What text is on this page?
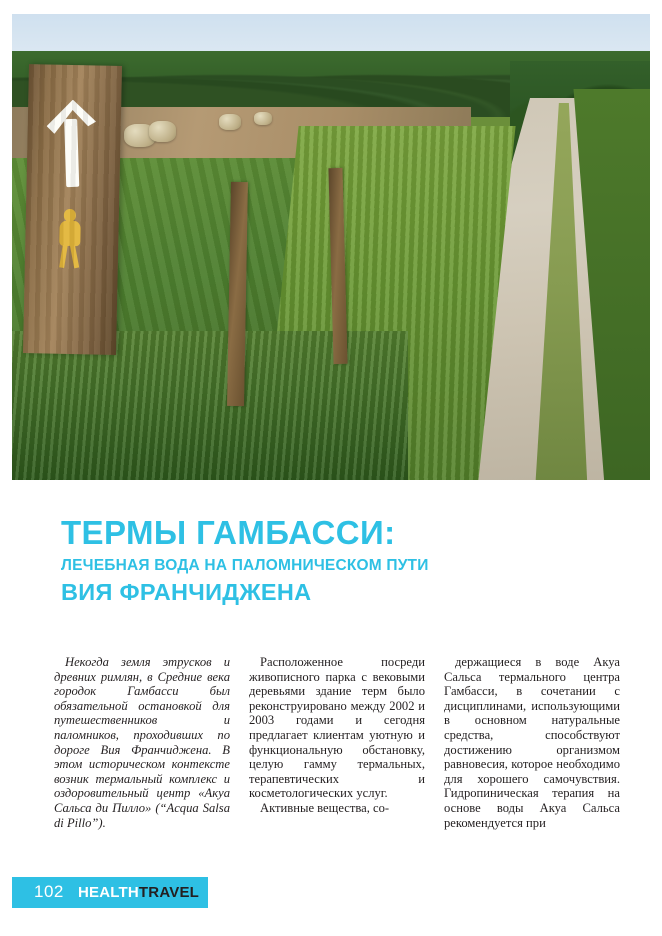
ТЕРМЫ ГАМБАССИ:
ЛЕЧЕБНАЯ ВОДА НА ПАЛОМНИЧЕСКОМ ПУТИ
ВИЯ ФРАНЧИДЖЕНА

Некогда земля этрусков и древних римлян, в Средние века городок Гамбасси был обязательной остановкой для путешественников и паломников, проходивших по дороге Вия Франчиджена. В этом историческом контексте возник термальный комплекс и оздоровительный центр «Акуа Сальса ди Пилло» (“Acqua Salsa di Pillo”).

Расположенное посреди живописного парка с вековыми деревьями здание терм было реконструировано между 2002 и 2003 годами и сегодня предлагает клиентам уютную и функциональную обстановку, целую гамму термальных, терапевтических и косметологических услуг.

Активные вещества, со-

держащиеся в воде Акуа Сальса термального центра Гамбасси, в сочетании с дисциплинами, использующими в основном натуральные средства, способствуют достижению организмом равновесия, которое необходимо для хорошего самочувствия. Гидропиническая терапия на основе воды Акуа Сальса рекомендуется при

102 HEALTHTRAVEL
